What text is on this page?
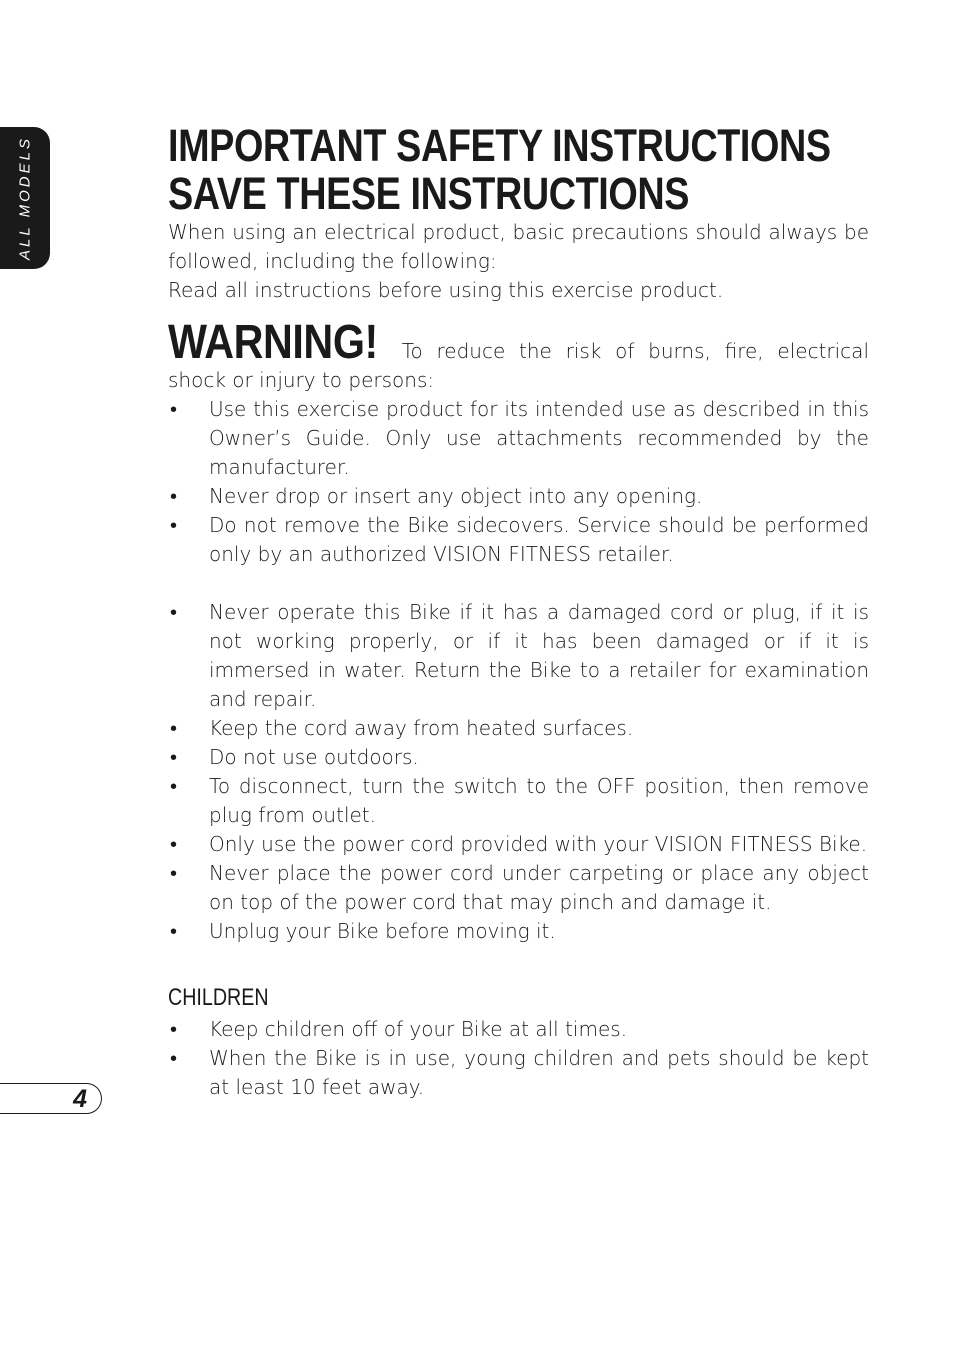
ALL MODELS
4
IMPORTANT SAFETY INSTRUCTIONS
SAVE THESE INSTRUCTIONS

When using an electrical product, basic precautions should always be followed, including the following:

Read all instructions before using this exercise product.

WARNING! To reduce the risk of burns, fire, electrical shock or injury to persons:
• Use this exercise product for its intended use as described in this Owner’s Guide. Only use attachments recommended by the manufacturer.
• Never drop or insert any object into any opening.
• Do not remove the Bike sidecovers. Service should be performed only by an authorized VISION FITNESS retailer.
• Never operate this Bike if it has a damaged cord or plug, if it is not working properly, or if it has been damaged or if it is immersed in water. Return the Bike to a retailer for examination and repair.
• Keep the cord away from heated surfaces.
• Do not use outdoors.
• To disconnect, turn the switch to the OFF position, then remove plug from outlet.
• Only use the power cord provided with your VISION FITNESS Bike.
• Never place the power cord under carpeting or place any object on top of the power cord that may pinch and damage it.
• Unplug your Bike before moving it.
CHILDREN
• Keep children off of your Bike at all times.
• When the Bike is in use, young children and pets should be kept at least 10 feet away.
